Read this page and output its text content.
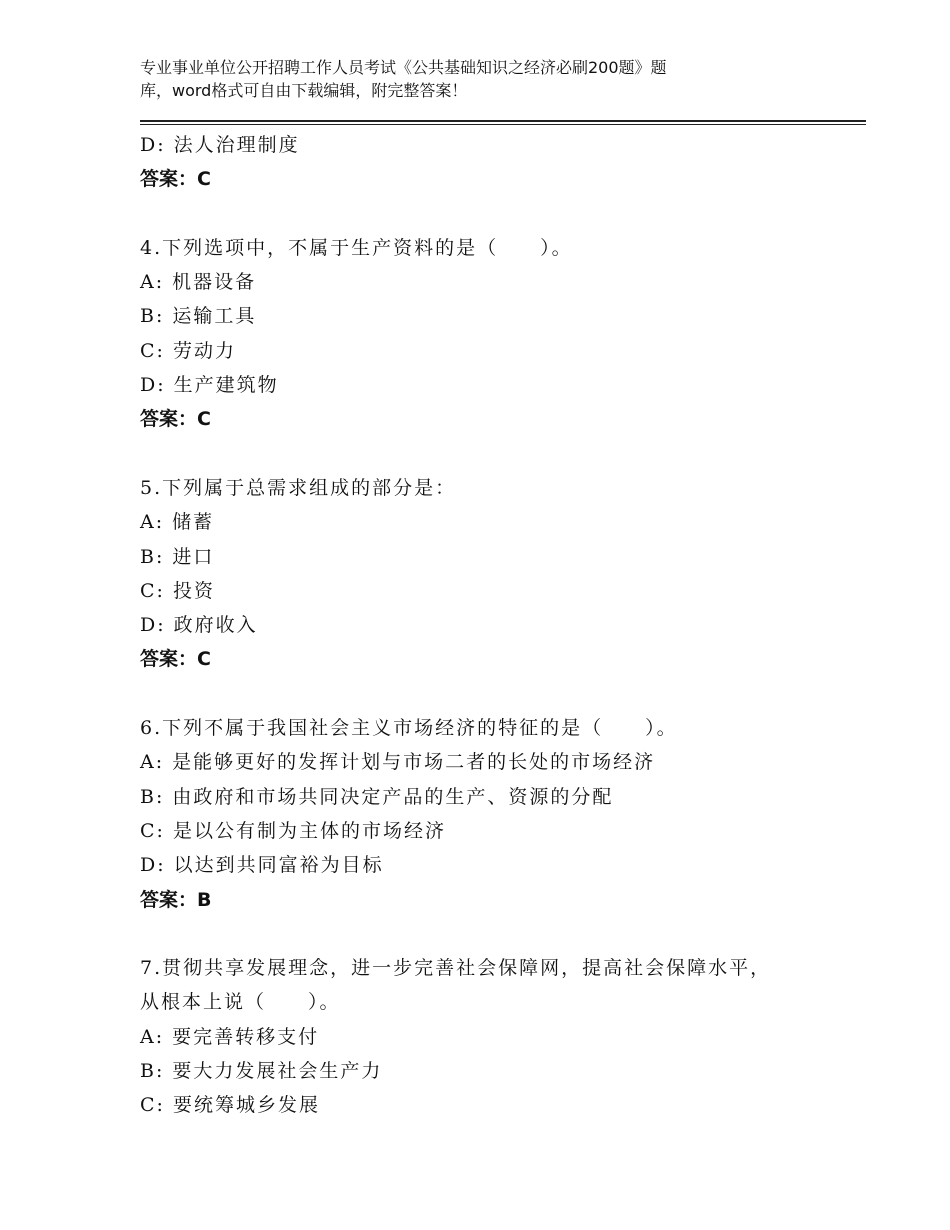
专业事业单位公开招聘工作人员考试《公共基础知识之经济必刷200题》题
库，word格式可自由下载编辑，附完整答案！
D: 法人治理制度
答案：C
4.下列选项中，不属于生产资料的是（　　）。
A: 机器设备
B: 运输工具
C: 劳动力
D: 生产建筑物
答案：C
5.下列属于总需求组成的部分是：
A: 储蓄
B: 进口
C: 投资
D: 政府收入
答案：C
6.下列不属于我国社会主义市场经济的特征的是（　　）。
A: 是能够更好的发挥计划与市场二者的长处的市场经济
B: 由政府和市场共同决定产品的生产、资源的分配
C: 是以公有制为主体的市场经济
D: 以达到共同富裕为目标
答案：B
7.贯彻共享发展理念，进一步完善社会保障网，提高社会保障水平，
从根本上说（　　）。
A: 要完善转移支付
B: 要大力发展社会生产力
C: 要统筹城乡发展
